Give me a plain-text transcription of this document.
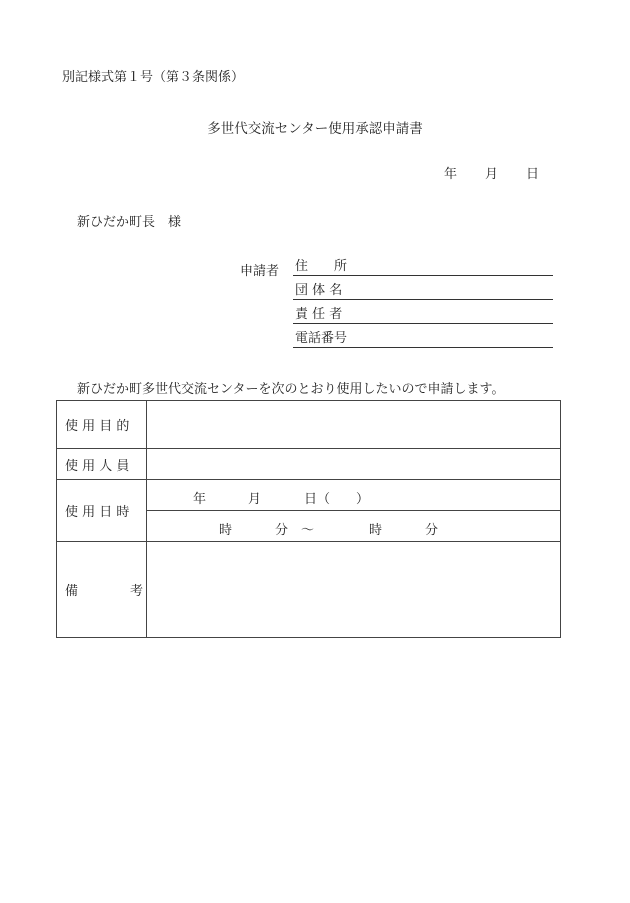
別記様式第１号（第３条関係）
多世代交流センター使用承認申請書
年 月 日
新ひだか町長　様
申請者 住　　所
団 体 名
責 任 者
電話番号
新ひだか町多世代交流センターを次のとおり使用したいので申請します。
使 用 目 的	
使 用 人 員	
使 用 日 時	年 月 日（ ）

	時 分 ～ 時 分

備　　　　考	
